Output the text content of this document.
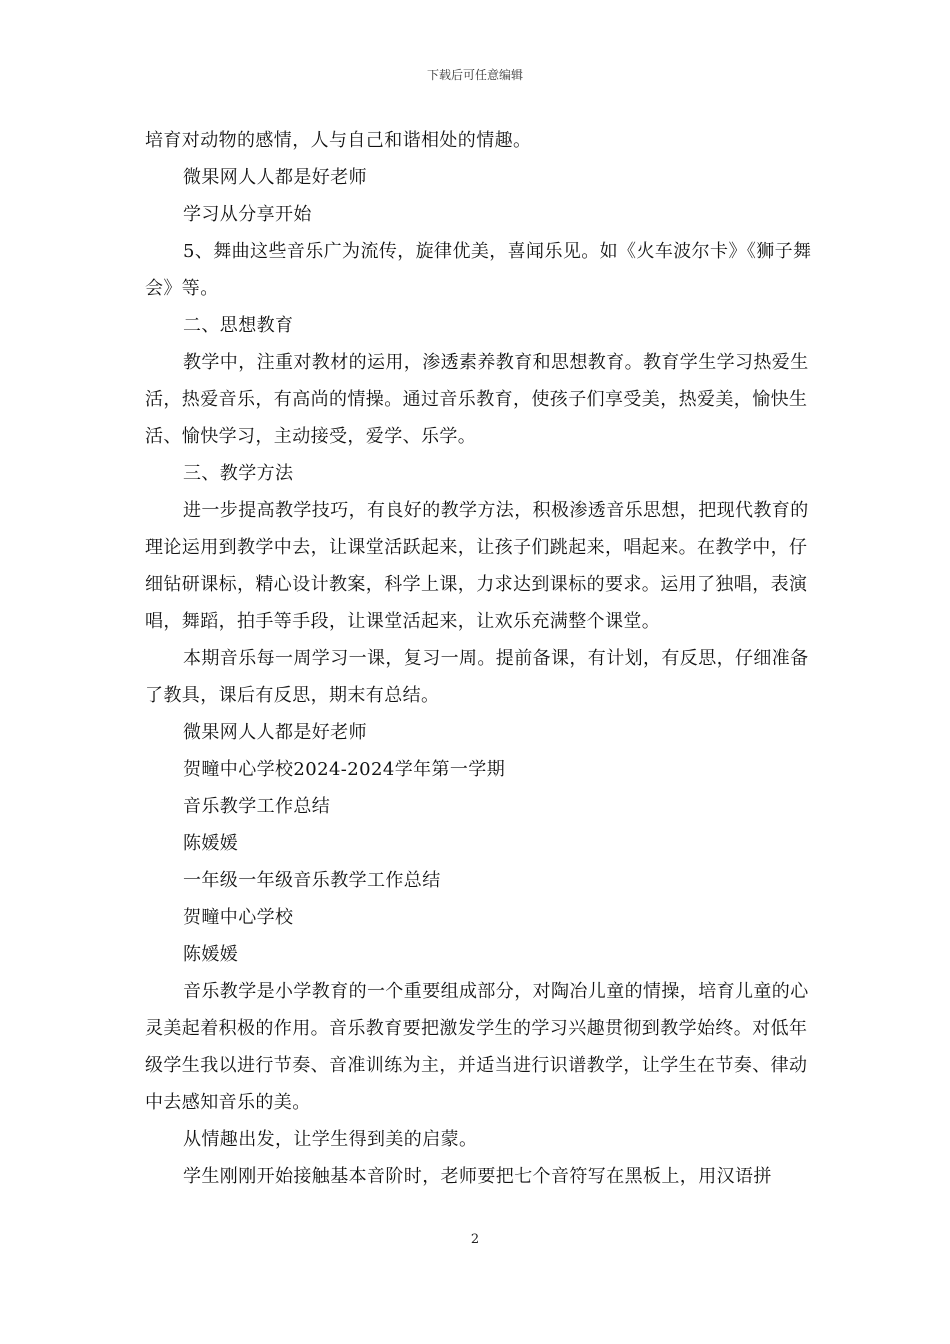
下载后可任意编辑

培育对动物的感情，人与自己和谐相处的情趣。

微果网人人都是好老师

学习从分享开始

5、舞曲这些音乐广为流传，旋律优美，喜闻乐见。如《火车波尔卡》《狮子舞会》等。

二、思想教育

教学中，注重对教材的运用，渗透素养教育和思想教育。教育学生学习热爱生活，热爱音乐，有高尚的情操。通过音乐教育，使孩子们享受美，热爱美，愉快生活、愉快学习，主动接受，爱学、乐学。

三、教学方法

进一步提高教学技巧，有良好的教学方法，积极渗透音乐思想，把现代教育的理论运用到教学中去，让课堂活跃起来，让孩子们跳起来，唱起来。在教学中，仔细钻研课标，精心设计教案，科学上课，力求达到课标的要求。运用了独唱，表演唱，舞蹈，拍手等手段，让课堂活起来，让欢乐充满整个课堂。

本期音乐每一周学习一课，复习一周。提前备课，有计划，有反思，仔细准备了教具，课后有反思，期末有总结。

微果网人人都是好老师

贺疃中心学校2024-2024学年第一学期

音乐教学工作总结

陈媛媛

一年级一年级音乐教学工作总结

贺疃中心学校

陈媛媛

音乐教学是小学教育的一个重要组成部分，对陶冶儿童的情操，培育儿童的心灵美起着积极的作用。音乐教育要把激发学生的学习兴趣贯彻到教学始终。对低年级学生我以进行节奏、音准训练为主，并适当进行识谱教学，让学生在节奏、律动中去感知音乐的美。

从情趣出发，让学生得到美的启蒙。

学生刚刚开始接触基本音阶时，老师要把七个音符写在黑板上，用汉语拼

2
